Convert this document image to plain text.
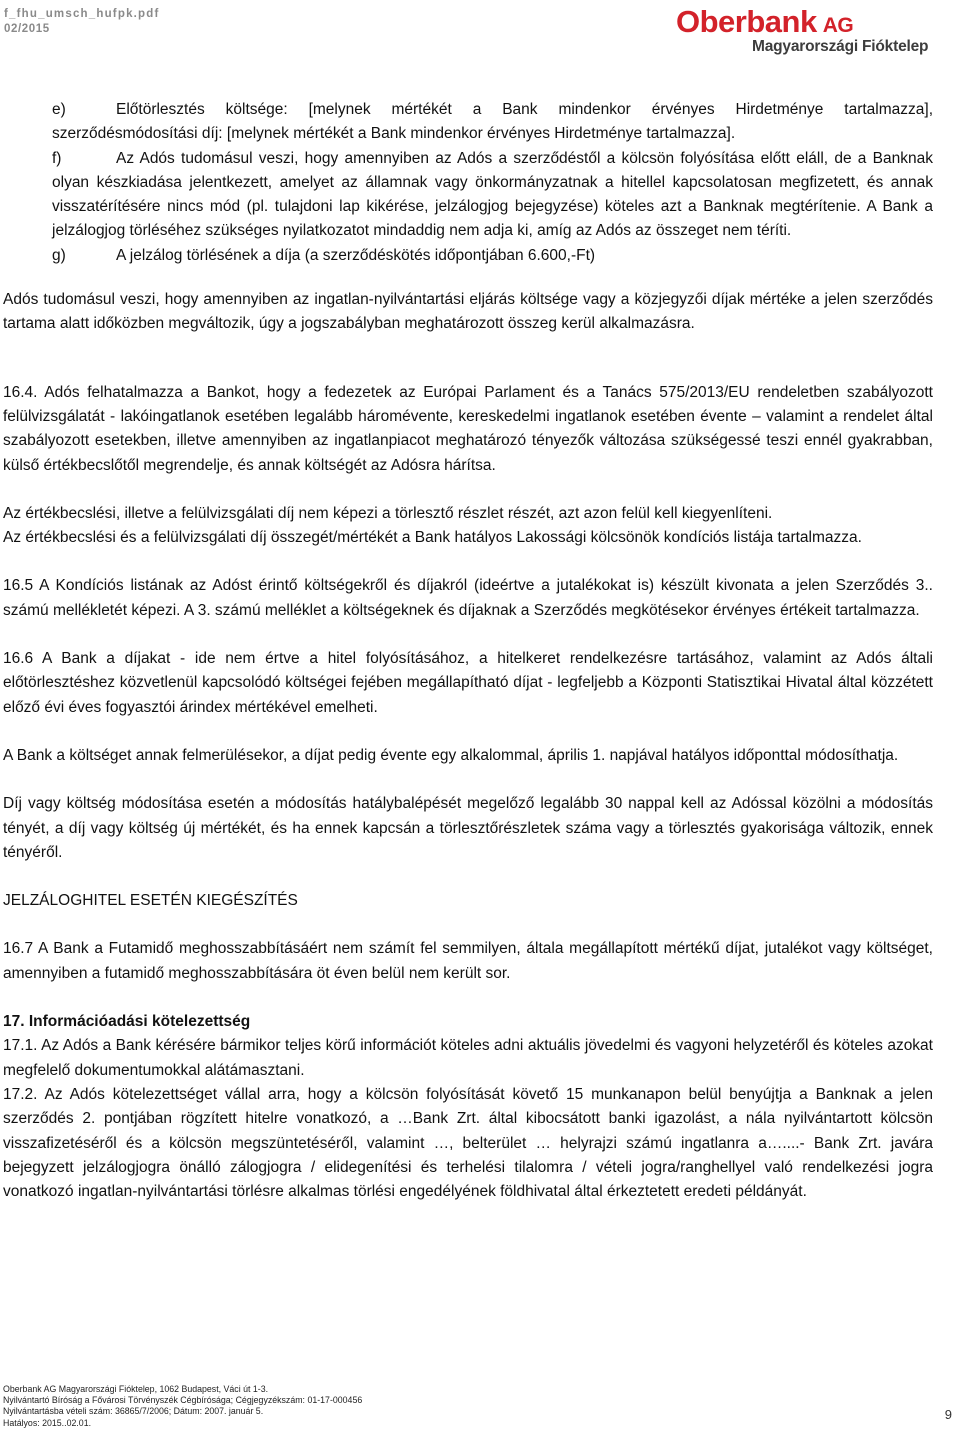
f_fhu_umsch_hufpk.pdf
02/2015	Oberbank AG
Magyarországi Fióktelep

e)	Előtörlesztés költsége: [melynek mértékét a Bank mindenkor érvényes Hirdetménye tartalmazza], szerződésmódosítási díj: [melynek mértékét a Bank mindenkor érvényes Hirdetménye tartalmazza].

f)	Az Adós tudomásul veszi, hogy amennyiben az Adós a szerződéstől a kölcsön folyósítása előtt eláll, de a Banknak olyan készkiadása jelentkezett, amelyet az államnak vagy önkormányzatnak a hitellel kapcsolatosan megfizetett, és annak visszatérítésére nincs mód (pl. tulajdoni lap kikérése, jelzálogjog bejegyzése) köteles azt a Banknak megtérítenie. A Bank a jelzálogjog törléséhez szükséges nyilatkozatot mindaddig nem adja ki, amíg az Adós az összeget nem téríti.

g)	A jelzálog törlésének a díja (a szerződéskötés időpontjában 6.600,-Ft)

Adós tudomásul veszi, hogy amennyiben az ingatlan-nyilvántartási eljárás költsége vagy a közjegyzői díjak mértéke a jelen szerződés tartama alatt időközben megváltozik, úgy a jogszabályban meghatározott összeg kerül alkalmazásra.

16.4. Adós felhatalmazza a Bankot, hogy a fedezetek az Európai Parlament és a Tanács 575/2013/EU rendeletben szabályozott felülvizsgálatát - lakóingatlanok esetében legalább háromévente, kereskedelmi ingatlanok esetében évente – valamint a rendelet által szabályozott esetekben, illetve amennyiben az ingatlanpiacot meghatározó tényezők változása szükségessé teszi ennél gyakrabban, külső értékbecslőtől megrendelje, és annak költségét az Adósra hárítsa.

Az értékbecslési, illetve a felülvizsgálati díj nem képezi a törlesztő részlet részét, azt azon felül kell kiegyenlíteni.

Az értékbecslési és a felülvizsgálati díj összegét/mértékét a Bank hatályos Lakossági kölcsönök kondíciós listája tartalmazza.

16.5 A Kondíciós listának az Adóst érintő költségekről és díjakról (ideértve a jutalékokat is) készült kivonata a jelen Szerződés 3.. számú mellékletét képezi. A 3. számú melléklet a költségeknek és díjaknak a Szerződés megkötésekor érvényes értékeit tartalmazza.

16.6 A Bank a díjakat - ide nem értve a hitel folyósításához, a hitelkeret rendelkezésre tartásához, valamint az Adós általi előtörlesztéshez közvetlenül kapcsolódó költségei fejében megállapítható díjat - legfeljebb a Központi Statisztikai Hivatal által közzétett előző évi éves fogyasztói árindex mértékével emelheti.

A Bank a költséget annak felmerülésekor, a díjat pedig évente egy alkalommal, április 1. napjával hatályos időponttal módosíthatja.

Díj vagy költség módosítása esetén a módosítás hatálybalépését megelőző legalább 30 nappal kell az Adóssal közölni a módosítás tényét, a díj vagy költség új mértékét, és ha ennek kapcsán a törlesztőrészletek száma vagy a törlesztés gyakorisága változik, ennek tényéről.

JELZÁLOGHITEL ESETÉN KIEGÉSZÍTÉS

16.7 A Bank a Futamidő meghosszabbításáért nem számít fel semmilyen, általa megállapított mértékű díjat, jutalékot vagy költséget, amennyiben a futamidő meghosszabbítására öt éven belül nem került sor.

17. Információadási kötelezettség

17.1. Az Adós a Bank kérésére bármikor teljes körű információt köteles adni aktuális jövedelmi és vagyoni helyzetéről és köteles azokat megfelelő dokumentumokkal alátámasztani.

17.2. Az Adós kötelezettséget vállal arra, hogy a kölcsön folyósítását követő 15 munkanapon belül benyújtja a Banknak a jelen szerződés 2. pontjában rögzített hitelre vonatkozó, a …Bank Zrt. által kibocsátott banki igazolást, a nála nyilvántartott kölcsön visszafizetéséről és a kölcsön megszüntetéséről, valamint …, belterület … helyrajzi számú ingatlanra a…....- Bank Zrt. javára bejegyzett jelzálogjogra önálló zálogjogra / elidegenítési és terhelési tilalomra / vételi jogra/ranghellyel való rendelkezési jogra vonatkozó ingatlan-nyilvántartási törlésre alkalmas törlési engedélyének földhivatal által érkeztetett eredeti példányát.

Oberbank AG Magyarországi Fióktelep, 1062 Budapest, Váci út 1-3.
Nyilvántartó Bíróság a Fővárosi Törvényszék Cégbírósága; Cégjegyzékszám: 01-17-000456
Nyilvántartásba vételi szám: 36865/7/2006; Dátum: 2007. január 5.
Hatályos: 2015..02.01.
9
